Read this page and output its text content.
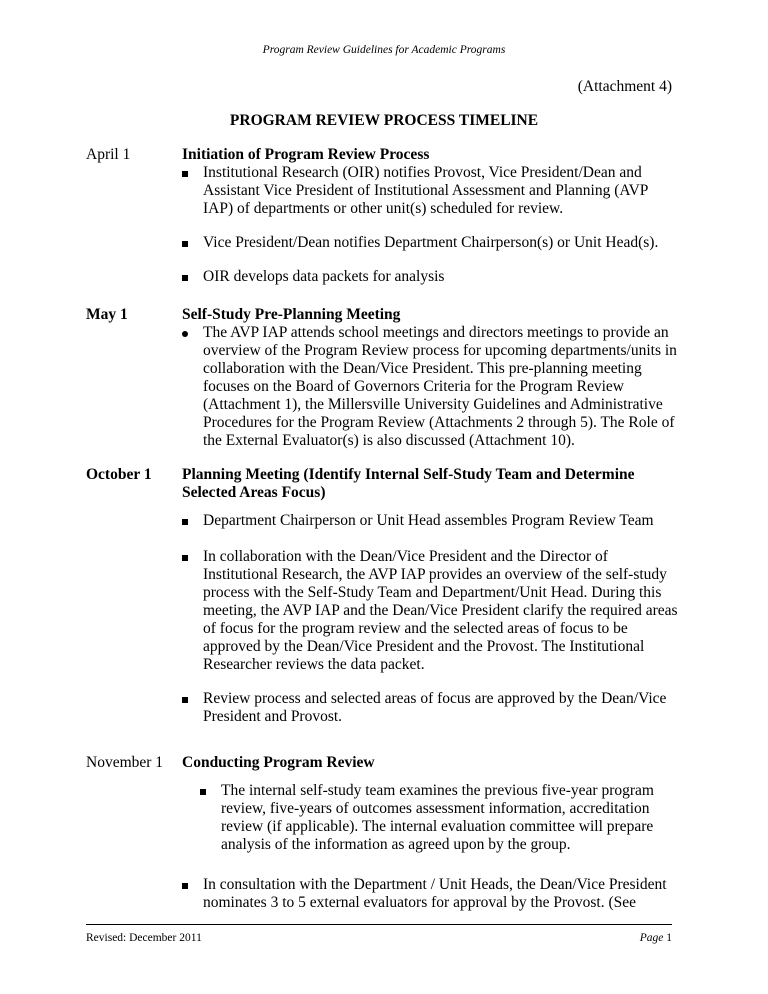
Program Review Guidelines for Academic Programs
(Attachment 4)
PROGRAM REVIEW PROCESS TIMELINE
April 1	Initiation of Program Review Process
Institutional Research (OIR) notifies Provost, Vice President/Dean and Assistant Vice President of Institutional Assessment and Planning (AVP IAP) of departments or other unit(s) scheduled for review.
Vice President/Dean notifies Department Chairperson(s) or Unit Head(s).
OIR develops data packets for analysis
May 1	Self-Study Pre-Planning Meeting
The AVP IAP attends school meetings and directors meetings to provide an overview of the Program Review process for upcoming departments/units in collaboration with the Dean/Vice President. This pre-planning meeting focuses on the Board of Governors Criteria for the Program Review (Attachment 1), the Millersville University Guidelines and Administrative Procedures for the Program Review (Attachments 2 through 5). The Role of the External Evaluator(s) is also discussed (Attachment 10).
October 1 Planning Meeting (Identify Internal Self-Study Team and Determine Selected Areas Focus)
Department Chairperson or Unit Head assembles Program Review Team
In collaboration with the Dean/Vice President and the Director of Institutional Research, the AVP IAP provides an overview of the self-study process with the Self-Study Team and Department/Unit Head. During this meeting, the AVP IAP and the Dean/Vice President clarify the required areas of focus for the program review and the selected areas of focus to be approved by the Dean/Vice President and the Provost. The Institutional Researcher reviews the data packet.
Review process and selected areas of focus are approved by the Dean/Vice President and Provost.
November 1 Conducting Program Review
The internal self-study team examines the previous five-year program review, five-years of outcomes assessment information, accreditation review (if applicable). The internal evaluation committee will prepare analysis of the information as agreed upon by the group.
In consultation with the Department / Unit Heads, the Dean/Vice President nominates 3 to 5 external evaluators for approval by the Provost. (See
Revised: December 2011	Page 1
